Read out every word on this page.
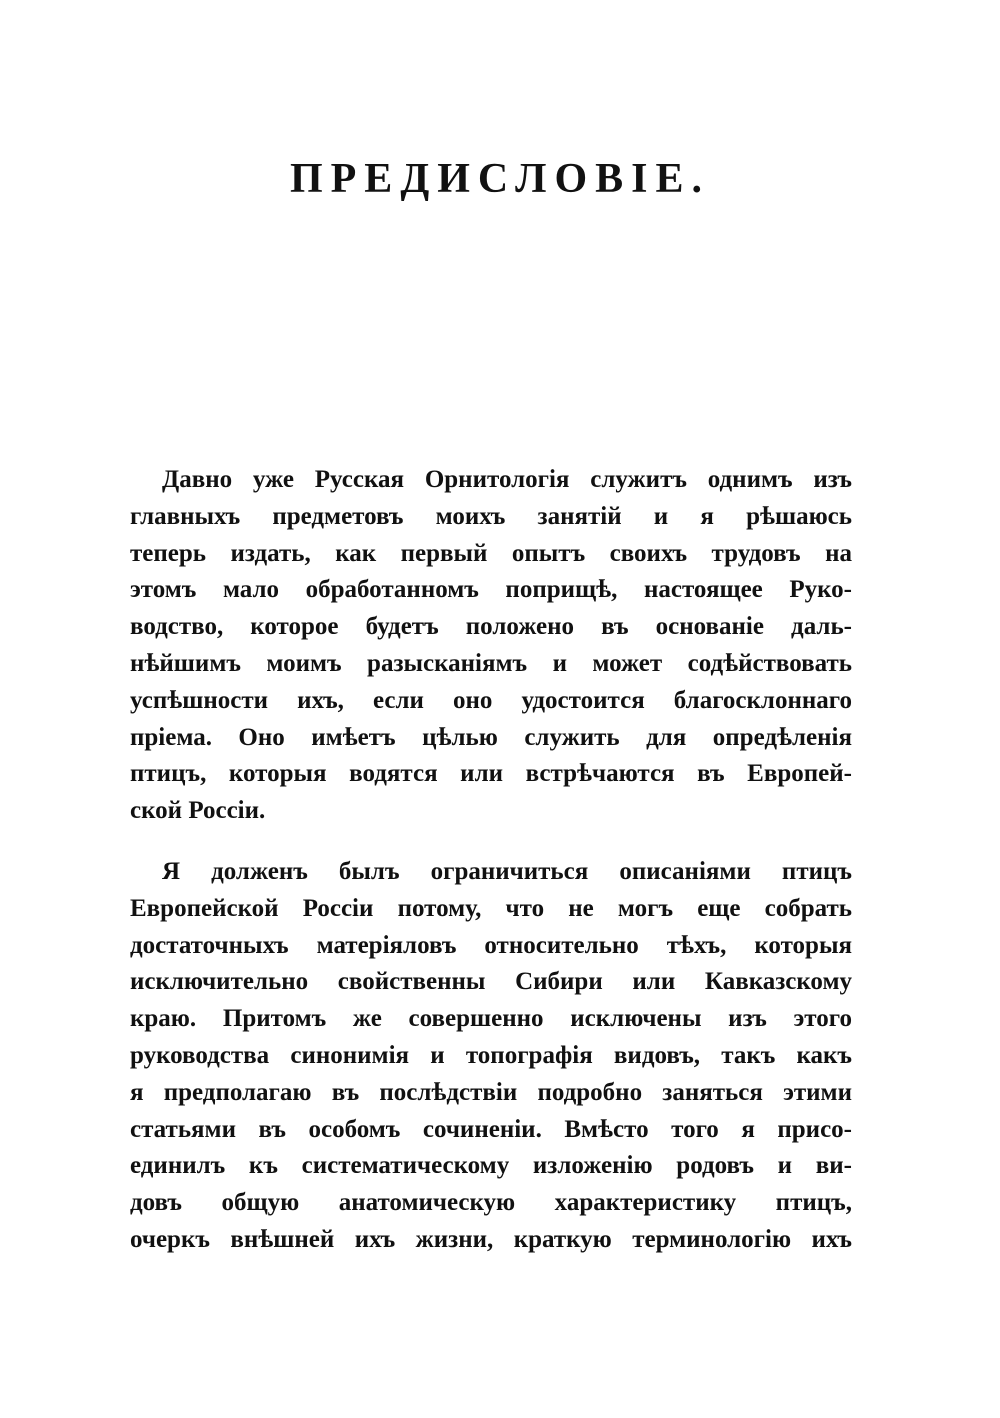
ПРЕДИСЛОВІЕ.
Давно уже Русская Орнитологія служитъ однимъ изъ
главныхъ предметовъ моихъ занятій и я рѣшаюсь
теперь издать, как первый опытъ своихъ трудовъ на
этомъ мало обработанномъ поприщѣ, настоящее Руко-
водство, которое будетъ положено въ основаніе даль-
нѣйшимъ моимъ разысканіямъ и может содѣйствовать
успѣшности ихъ, если оно удостоится благосклоннаго
пріема. Оно имѣетъ цѣлью служить для опредѣленія
птицъ, которыя водятся или встрѣчаются въ Европей-
ской Россіи.
Я долженъ былъ ограничиться описаніями птицъ
Европейской Россіи потому, что не могъ еще собрать
достаточныхъ матеріяловъ относительно тѣхъ, которыя
исключительно свойственны Сибири или Кавказскому
краю. Притомъ же совершенно исключены изъ этого
руководства синонимія и топографія видовъ, такъ какъ
я предполагаю въ послѣдствіи подробно заняться этими
статьями въ особомъ сочиненіи. Вмѣсто того я присо-
единилъ къ систематическому изложенію родовъ и ви-
довъ общую анатомическую характеристику птицъ,
очеркъ внѣшней ихъ жизни, краткую терминологію ихъ
